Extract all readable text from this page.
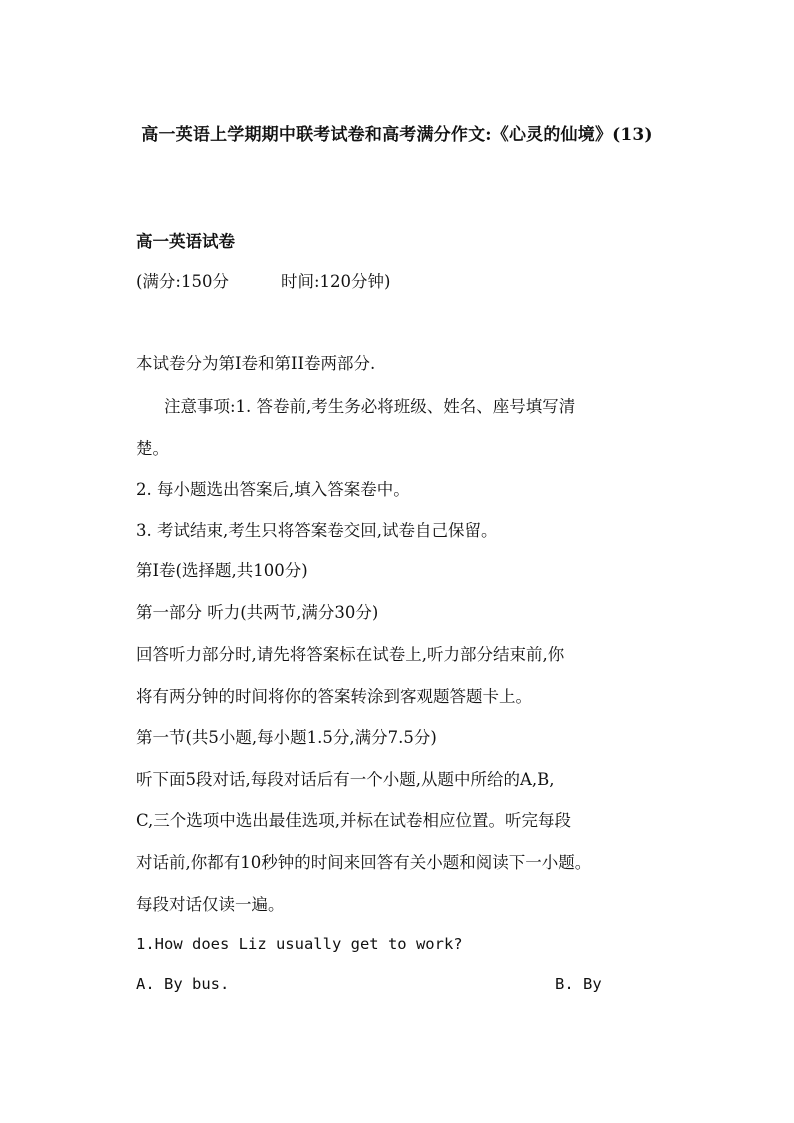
高一英语上学期期中联考试卷和高考满分作文:《心灵的仙境》(13)
高一英语试卷
(满分:150分	时间:120分钟)
本试卷分为第I卷和第II卷两部分.
注意事项:1. 答卷前,考生务必将班级、姓名、座号填写清
楚。
2. 每小题选出答案后,填入答案卷中。
3. 考试结束,考生只将答案卷交回,试卷自己保留。
第I卷(选择题,共100分)
第一部分 听力(共两节,满分30分)
回答听力部分时,请先将答案标在试卷上,听力部分结束前,你
将有两分钟的时间将你的答案转涂到客观题答题卡上。
第一节(共5小题,每小题1.5分,满分7.5分)
听下面5段对话,每段对话后有一个小题,从题中所给的A,B,
C,三个选项中选出最佳选项,并标在试卷相应位置。听完每段
对话前,你都有10秒钟的时间来回答有关小题和阅读下一小题。
每段对话仅读一遍。
1.How does Liz usually get to work?
A. By bus.	B. By
